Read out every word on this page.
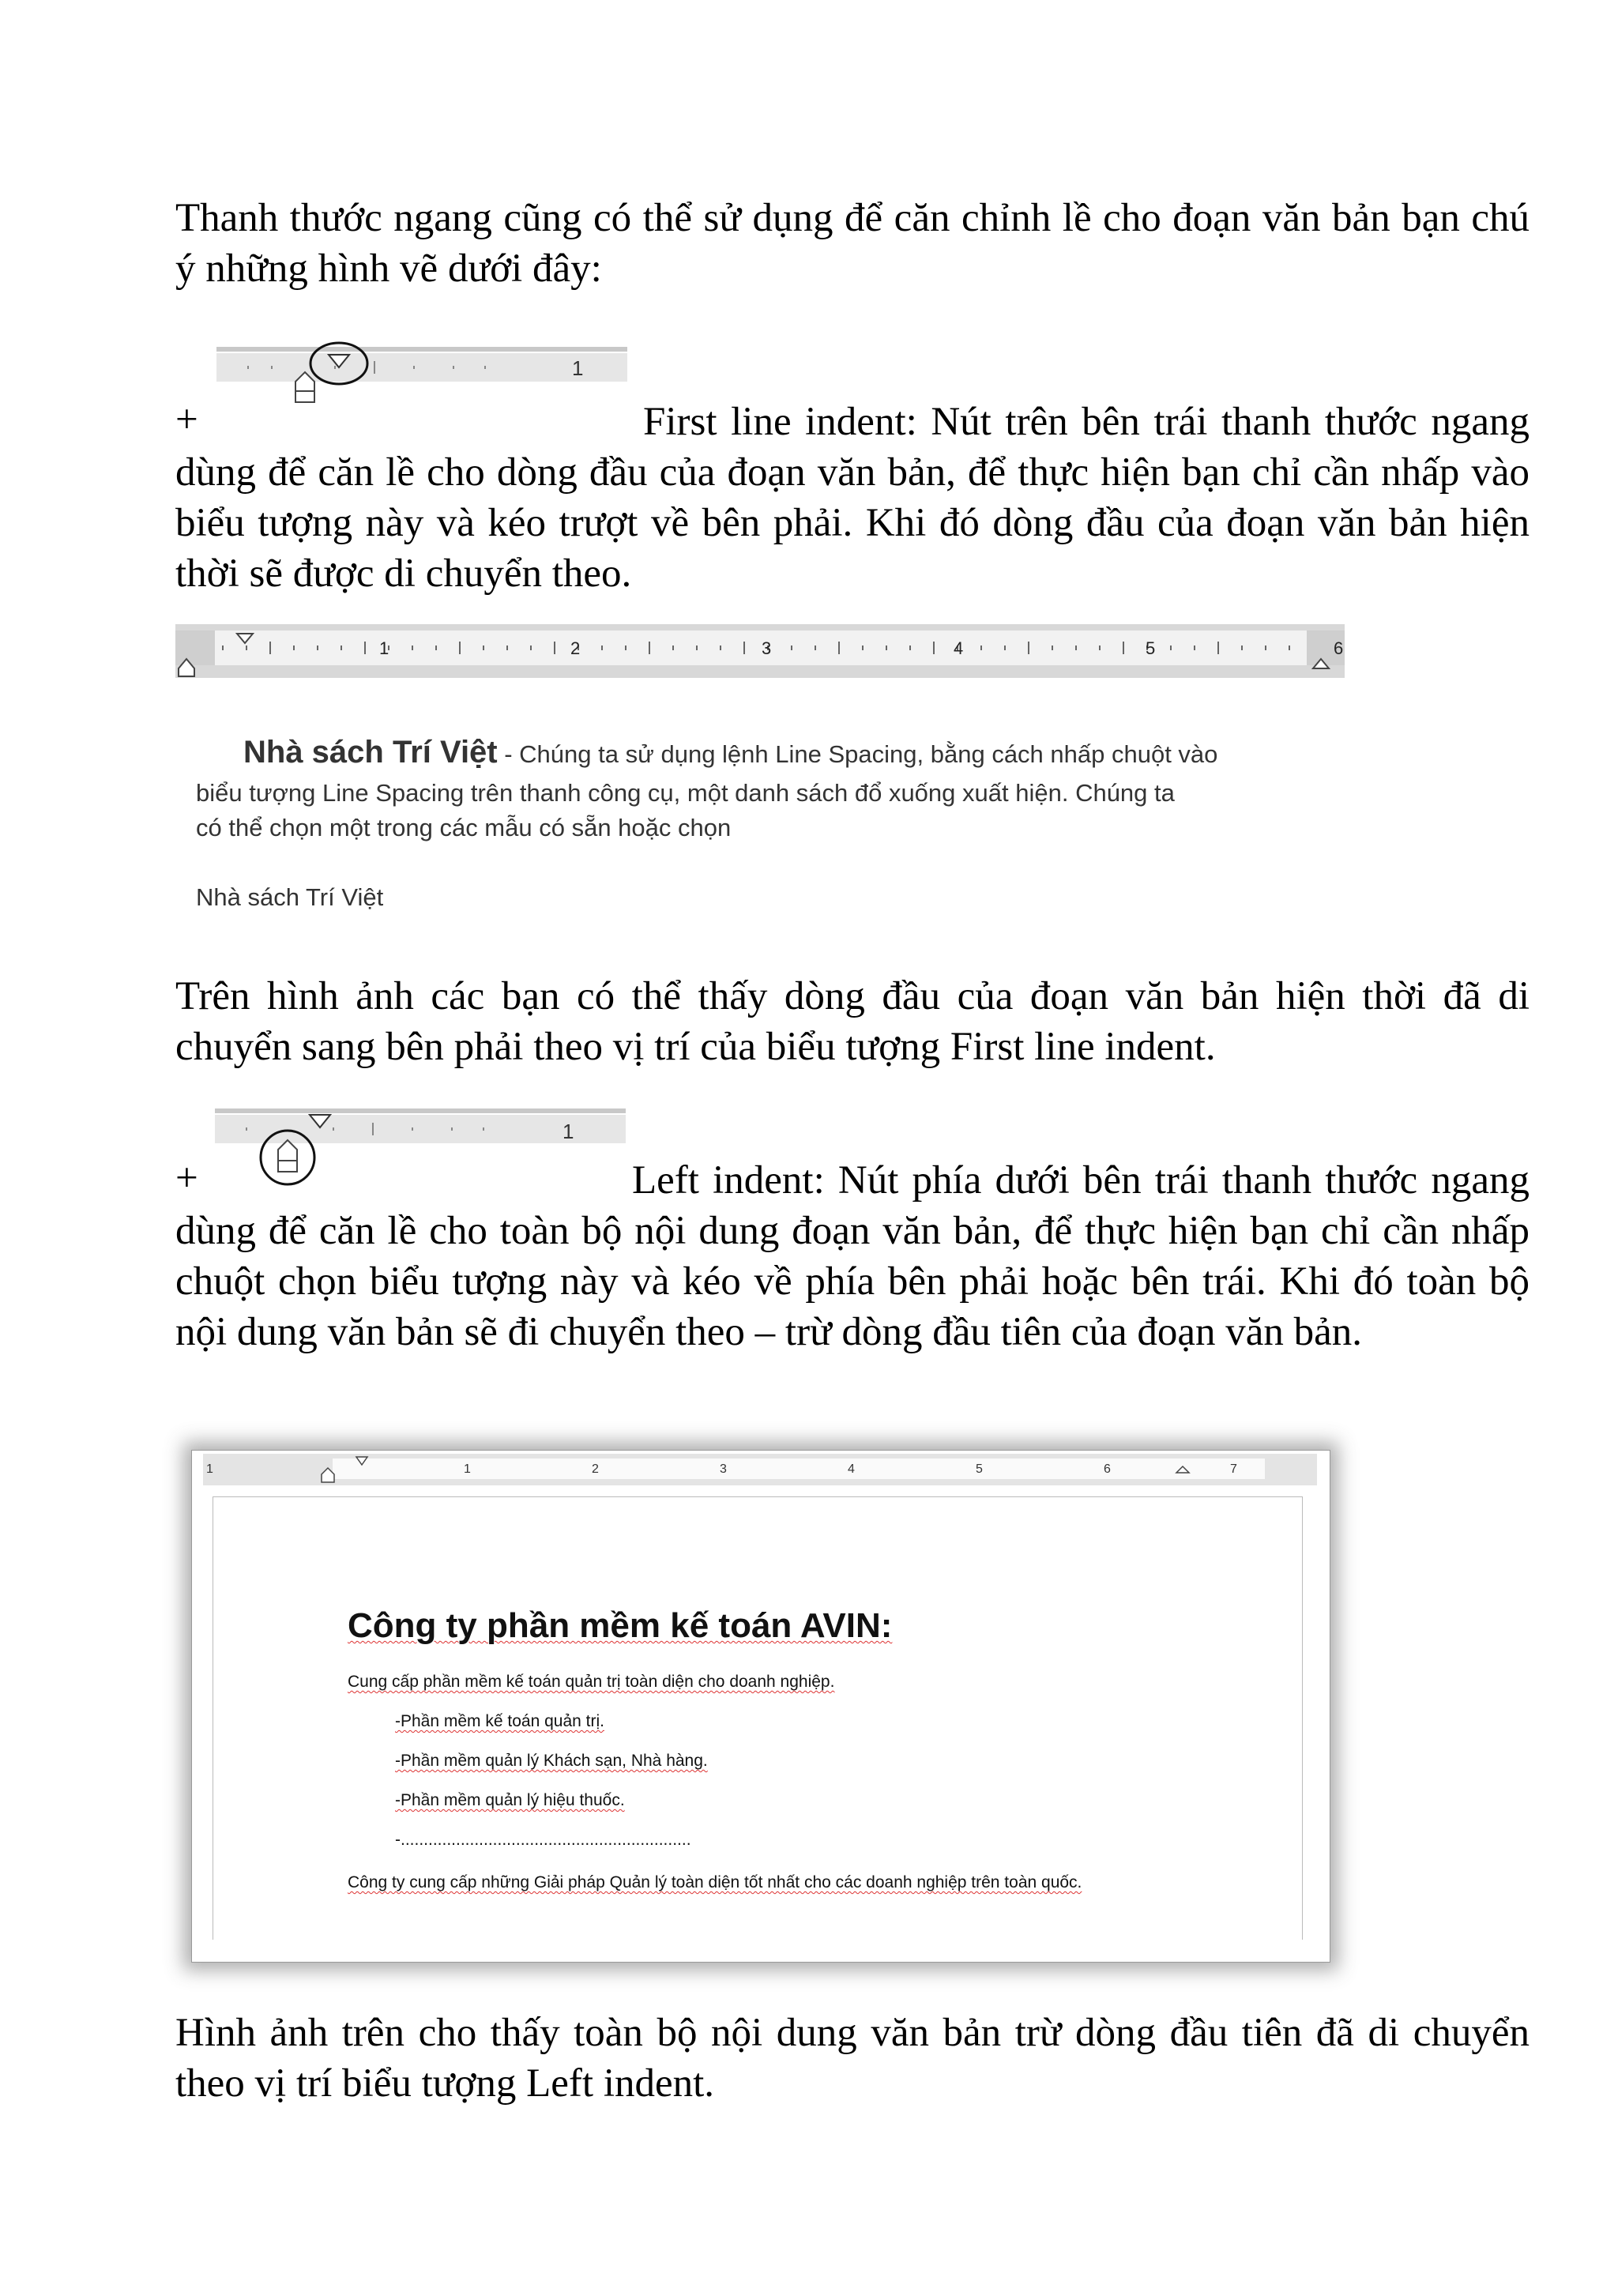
Thanh thước ngang cũng có thể sử dụng để căn chỉnh lề cho đoạn văn bản bạn chú ý những hình vẽ dưới đây:

1
+	First line indent: Nút trên bên trái thanh thước ngang dùng để căn lề cho dòng đầu của đoạn văn bản, để thực hiện bạn chỉ cần nhấp vào biểu tượng này và kéo trượt về bên phải. Khi đó dòng đầu của đoạn văn bản hiện thời sẽ được di chuyển theo.

1	2	3	4	5	6
Nhà sách Trí Việt - Chúng ta sử dụng lệnh Line Spacing, bằng cách nhấp chuột vào
biểu tượng Line Spacing trên thanh công cụ, một danh sách đổ xuống xuất hiện. Chúng ta
có thể chọn một trong các mẫu có sẵn hoặc chọn
Nhà sách Trí Việt

Trên hình ảnh các bạn có thể thấy dòng đầu của đoạn văn bản hiện thời đã di chuyển sang bên phải theo vị trí của biểu tượng First line indent.

1
+	Left indent: Nút phía dưới bên trái thanh thước ngang dùng để căn lề cho toàn bộ nội dung đoạn văn bản, để thực hiện bạn chỉ cần nhấp chuột chọn biểu tượng này và kéo về phía bên phải hoặc bên trái. Khi đó toàn bộ nội dung văn bản sẽ đi chuyển theo – trừ dòng đầu tiên của đoạn văn bản.

1	1	2	3	4	5	6	7
Công ty phần mềm kế toán AVIN:
Cung cấp phần mềm kế toán quản trị toàn diện cho doanh nghiệp.
-Phần mềm kế toán quản trị.
-Phần mềm quản lý Khách sạn, Nhà hàng.
-Phần mềm quản lý hiệu thuốc.
-...............................................................
Công ty cung cấp những Giải pháp Quản lý toàn diện tốt nhất cho các doanh nghiệp trên toàn quốc.

Hình ảnh trên cho thấy toàn bộ nội dung văn bản trừ dòng đầu tiên đã di chuyển theo vị trí biểu tượng Left indent.
